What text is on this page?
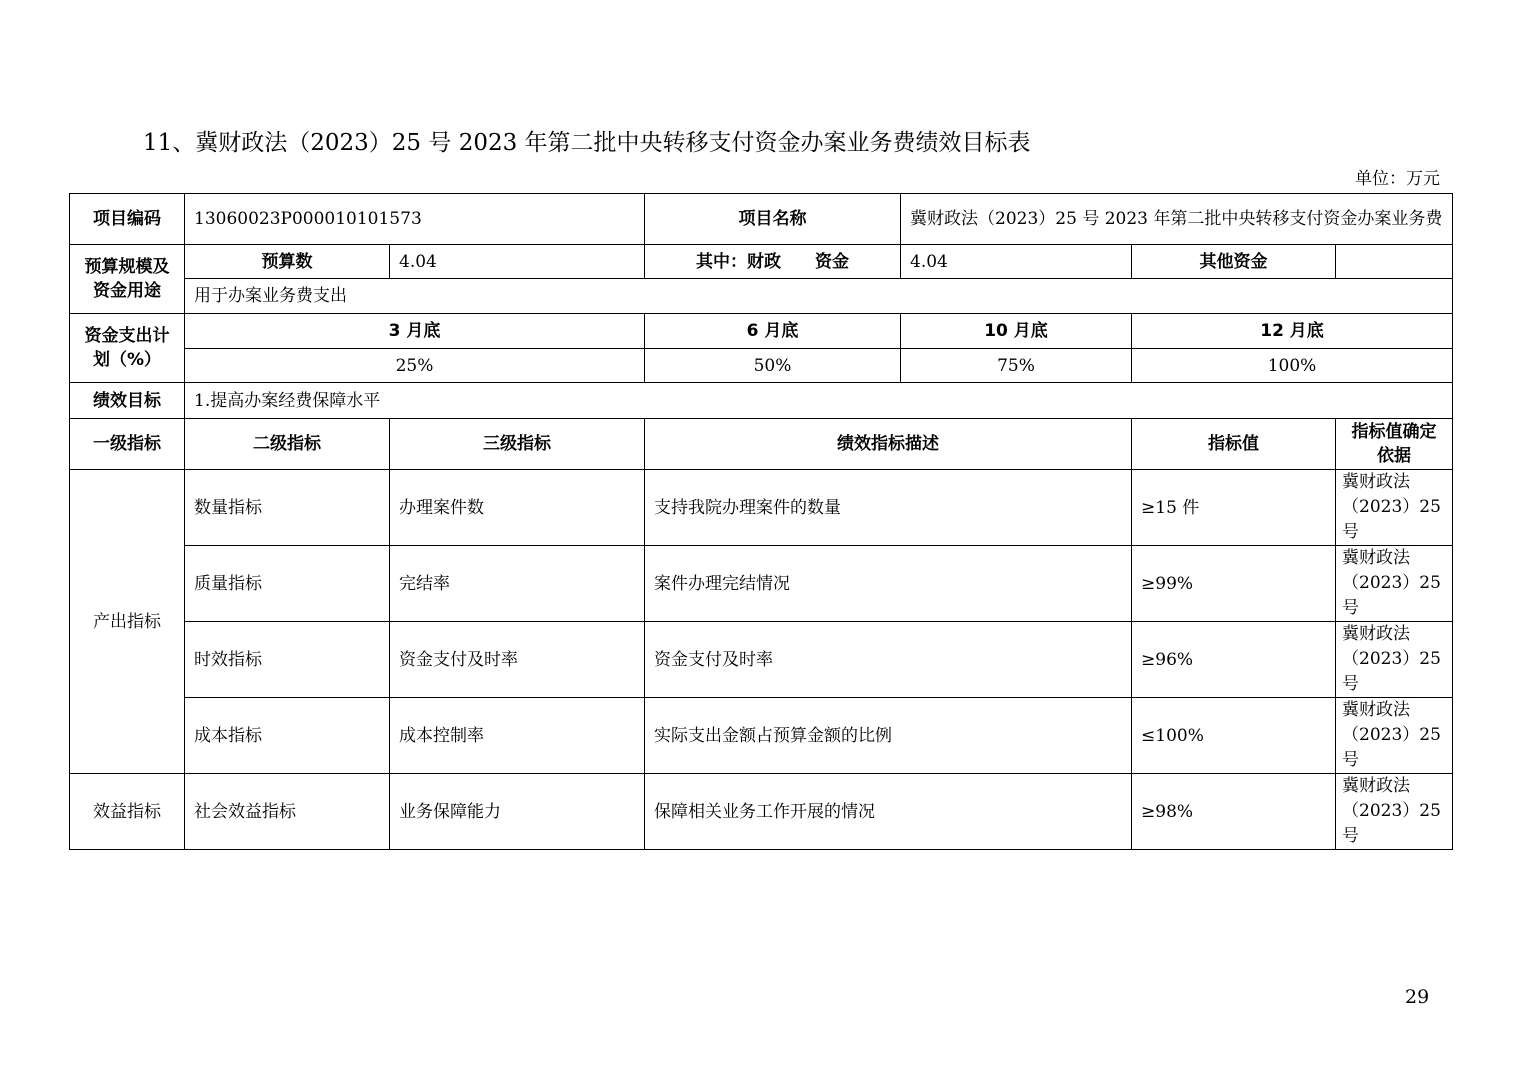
11、冀财政法（2023）25 号 2023 年第二批中央转移支付资金办案业务费绩效目标表
单位：万元
项目编码	13060023P000010101573		项目名称	冀财政法（2023）25 号 2023 年第二批中央转移支付资金办案业务费		
预算规模及资金用途	预算数	4.04	其中：财政　　资金	4.04	其他资金	
	用于办案业务费支出					
资金支出计划（%）	3 月底		6 月底	10 月底	12 月底	
	25%		50%	75%	100%	
绩效目标	1.提高办案经费保障水平					
一级指标	二级指标	三级指标	绩效指标描述		指标值	指标值确定依据
产出指标	数量指标	办理案件数	支持我院办理案件的数量		≥15 件	冀财政法（2023）25 号
	质量指标	完结率	案件办理完结情况		≥99%	冀财政法（2023）25 号
	时效指标	资金支付及时率	资金支付及时率		≥96%	冀财政法（2023）25 号
	成本指标	成本控制率	实际支出金额占预算金额的比例		≤100%	冀财政法（2023）25 号
效益指标	社会效益指标	业务保障能力	保障相关业务工作开展的情况		≥98%	冀财政法（2023）25 号
29
